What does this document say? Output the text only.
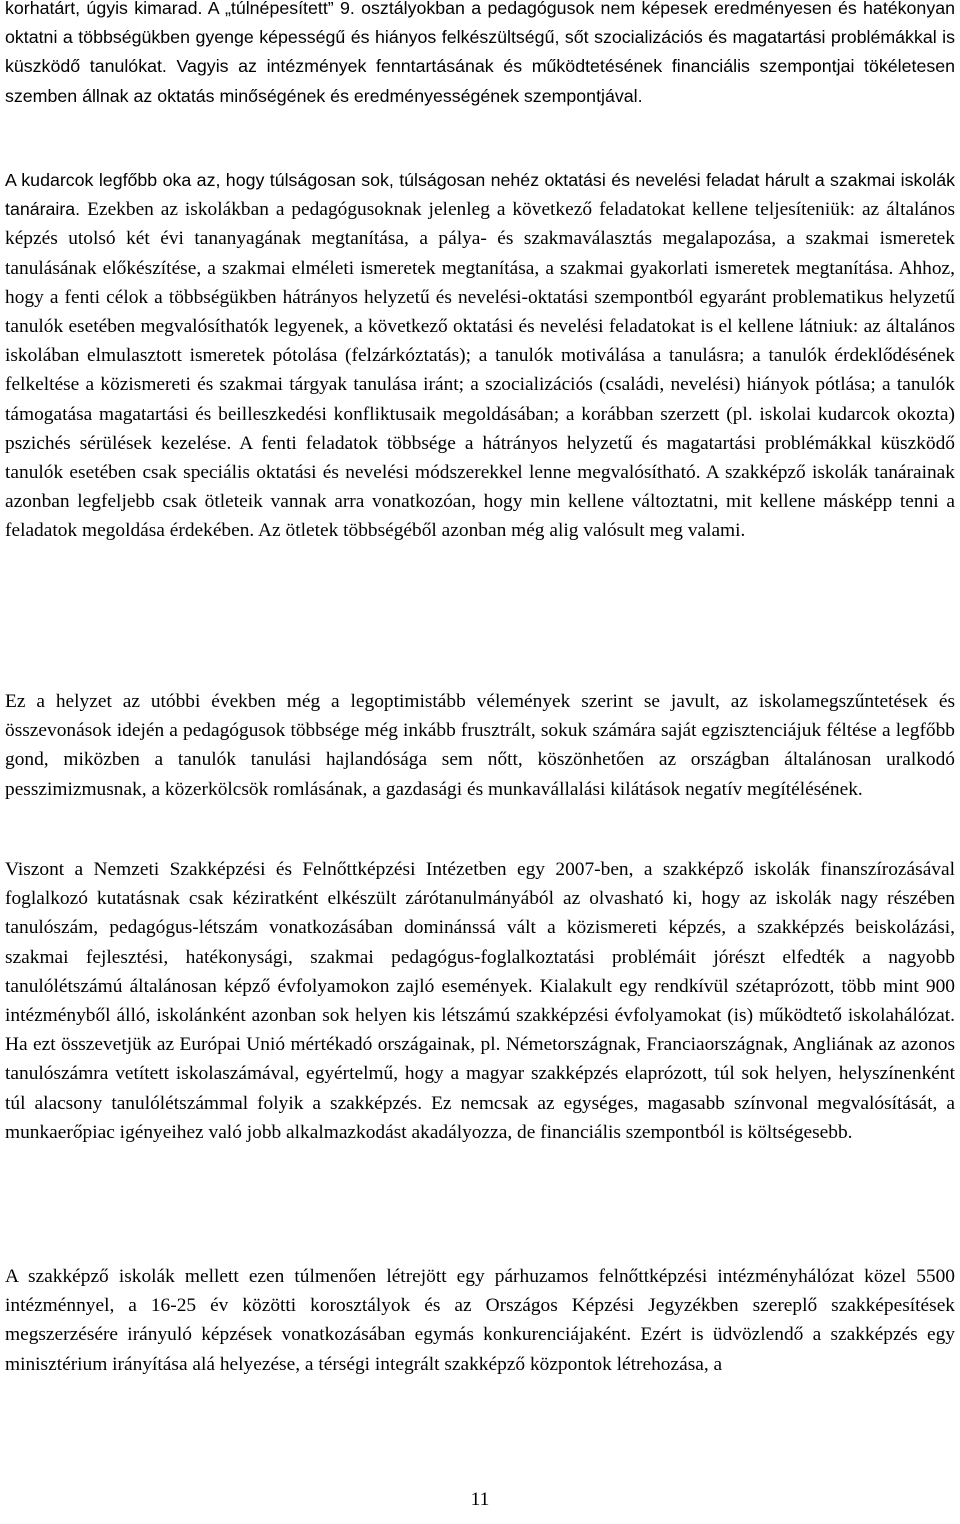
korhatárt, úgyis kimarad. A „túlnépesített” 9. osztályokban a pedagógusok nem képesek eredményesen és hatékonyan oktatni a többségükben gyenge képességű és hiányos felkészültségű, sőt szocializációs és magatartási problémákkal is küszködő tanulókat. Vagyis az intézmények fenntartásának és működtetésének financiális szempontjai tökéletesen szemben állnak az oktatás minőségének és eredményességének szempontjával.

A kudarcok legfőbb oka az, hogy túlságosan sok, túlságosan nehéz oktatási és nevelési feladat hárult a szakmai iskolák tanáraira. Ezekben az iskolákban a pedagógusoknak jelenleg a következő feladatokat kellene teljesíteniük: az általános képzés utolsó két évi tananyagának megtanítása, a pálya- és szakmaválasztás megalapozása, a szakmai ismeretek tanulásának előkészítése, a szakmai elméleti ismeretek megtanítása, a szakmai gyakorlati ismeretek megtanítása. Ahhoz, hogy a fenti célok a többségükben hátrányos helyzetű és nevelési-oktatási szempontból egyaránt problematikus helyzetű tanulók esetében megvalósíthatók legyenek, a következő oktatási és nevelési feladatokat is el kellene látniuk: az általános iskolában elmulasztott ismeretek pótolása (felzárkóztatás); a tanulók motiválása a tanulásra; a tanulók érdeklődésének felkeltése a közismereti és szakmai tárgyak tanulása iránt; a szocializációs (családi, nevelési) hiányok pótlása; a tanulók támogatása magatartási és beilleszkedési konfliktusaik megoldásában; a korábban szerzett (pl. iskolai kudarcok okozta) pszichés sérülések kezelése. A fenti feladatok többsége a hátrányos helyzetű és magatartási problémákkal küszködő tanulók esetében csak speciális oktatási és nevelési módszerekkel lenne megvalósítható. A szakképző iskolák tanárainak azonban legfeljebb csak ötleteik vannak arra vonatkozóan, hogy min kellene változtatni, mit kellene másképp tenni a feladatok megoldása érdekében. Az ötletek többségéből azonban még alig valósult meg valami.

Ez a helyzet az utóbbi években még a legoptimistább vélemények szerint se javult, az iskolamegszűntetések és összevonások idején a pedagógusok többsége még inkább frusztrált, sokuk számára saját egzisztenciájuk féltése a legfőbb gond, miközben a tanulók tanulási hajlandósága sem nőtt, köszönhetően az országban általánosan uralkodó pesszimizmusnak, a közerkölcsök romlásának, a gazdasági és munkavállalási kilátások negatív megítélésének.

Viszont a Nemzeti Szakképzési és Felnőttképzési Intézetben egy 2007-ben, a szakképző iskolák finanszírozásával foglalkozó kutatásnak csak kéziratként elkészült zárótanulmányából az olvasható ki, hogy az iskolák nagy részében tanulószám, pedagógus-létszám vonatkozásában dominánssá vált a közismereti képzés, a szakképzés beiskolázási, szakmai fejlesztési, hatékonysági, szakmai pedagógus-foglalkoztatási problémáit jórészt elfedték a nagyobb tanulólétszámú általánosan képző évfolyamokon zajló események. Kialakult egy rendkívül szétaprózott, több mint 900 intézményből álló, iskolánként azonban sok helyen kis létszámú szakképzési évfolyamokat (is) működtető iskolahálózat. Ha ezt összevetjük az Európai Unió mértékadó országainak, pl. Németországnak, Franciaországnak, Angliának az azonos tanulószámra vetített iskolaszámával, egyértelmű, hogy a magyar szakképzés elaprózott, túl sok helyen, helyszínenként túl alacsony tanulólétszámmal folyik a szakképzés. Ez nemcsak az egységes, magasabb színvonal megvalósítását, a munkaerőpiac igényeihez való jobb alkalmazkodást akadályozza, de financiális szempontból is költségesebb.

A szakképző iskolák mellett ezen túlmenően létrejött egy párhuzamos felnőttképzési intézményhálózat közel 5500 intézménnyel, a 16-25 év közötti korosztályok és az Országos Képzési Jegyzékben szereplő szakképesítések megszerzésére irányuló képzések vonatkozásában egymás konkurenciájaként. Ezért is üdvözlendő a szakképzés egy minisztérium irányítása alá helyezése, a térségi integrált szakképző központok létrehozása, a

11
